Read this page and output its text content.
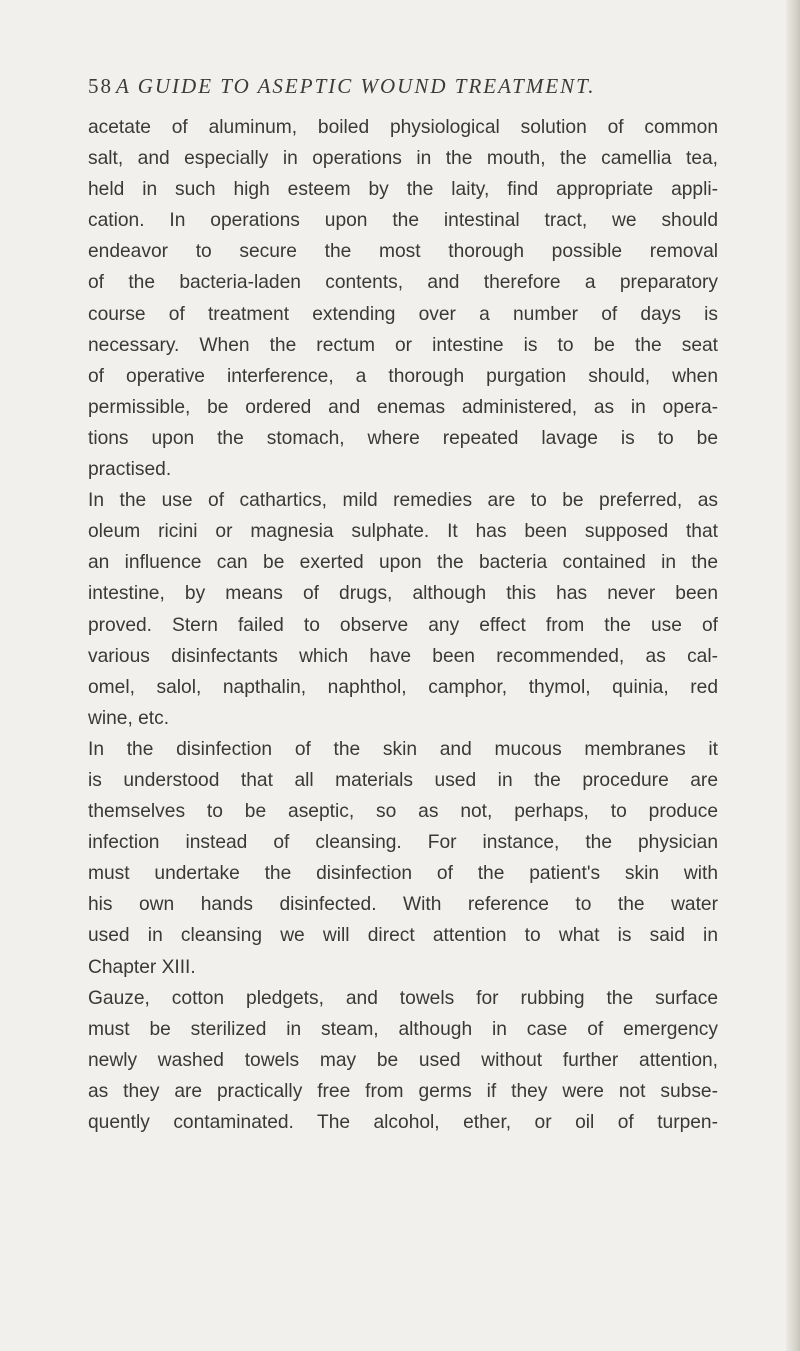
58 A GUIDE TO ASEPTIC WOUND TREATMENT.
acetate of aluminum, boiled physiological solution of common
salt, and especially in operations in the mouth, the camellia tea,
held in such high esteem by the laity, find appropriate appli-
cation. In operations upon the intestinal tract, we should
endeavor to secure the most thorough possible removal
of the bacteria-laden contents, and therefore a preparatory
course of treatment extending over a number of days is
necessary. When the rectum or intestine is to be the seat
of operative interference, a thorough purgation should, when
permissible, be ordered and enemas administered, as in opera-
tions upon the stomach, where repeated lavage is to be
practised.
In the use of cathartics, mild remedies are to be preferred, as
oleum ricini or magnesia sulphate. It has been supposed that
an influence can be exerted upon the bacteria contained in the
intestine, by means of drugs, although this has never been
proved. Stern failed to observe any effect from the use of
various disinfectants which have been recommended, as cal-
omel, salol, napthalin, naphthol, camphor, thymol, quinia, red
wine, etc.
In the disinfection of the skin and mucous membranes it
is understood that all materials used in the procedure are
themselves to be aseptic, so as not, perhaps, to produce
infection instead of cleansing. For instance, the physician
must undertake the disinfection of the patient's skin with
his own hands disinfected. With reference to the water
used in cleansing we will direct attention to what is said in
Chapter XIII.
Gauze, cotton pledgets, and towels for rubbing the surface
must be sterilized in steam, although in case of emergency
newly washed towels may be used without further attention,
as they are practically free from germs if they were not subse-
quently contaminated. The alcohol, ether, or oil of turpen-
